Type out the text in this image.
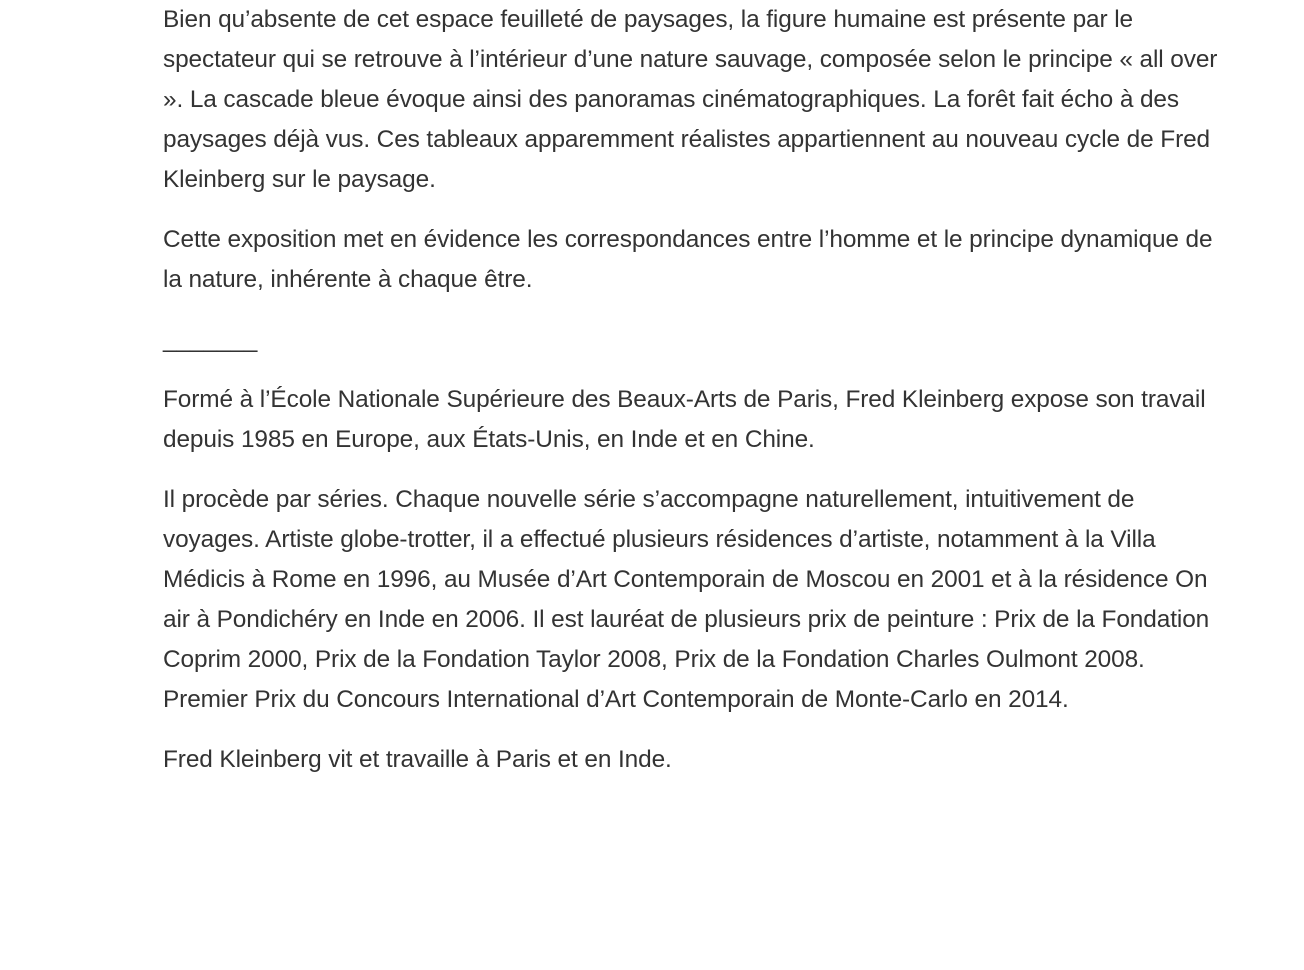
Bien qu’absente de cet espace feuilleté de paysages, la figure humaine est présente par le spectateur qui se retrouve à l’intérieur d’une nature sauvage, composée selon le principe « all over ». La cascade bleue évoque ainsi des panoramas cinématographiques. La forêt fait écho à des paysages déjà vus. Ces tableaux apparemment réalistes appartiennent au nouveau cycle de Fred Kleinberg sur le paysage.

Cette exposition met en évidence les correspondances entre l’homme et le principe dynamique de la nature, inhérente à chaque être.

_______

Formé à l’École Nationale Supérieure des Beaux-Arts de Paris, Fred Kleinberg expose son travail depuis 1985 en Europe, aux États-Unis, en Inde et en Chine.

Il procède par séries. Chaque nouvelle série s’accompagne naturellement, intuitivement de voyages. Artiste globe-trotter, il a effectué plusieurs résidences d’artiste, notamment à la Villa Médicis à Rome en 1996, au Musée d’Art Contemporain de Moscou en 2001 et à la résidence On air à Pondichéry en Inde en 2006. Il est lauréat de plusieurs prix de peinture : Prix de la Fondation Coprim 2000, Prix de la Fondation Taylor 2008, Prix de la Fondation Charles Oulmont 2008. Premier Prix du Concours International d’Art Contemporain de Monte-Carlo en 2014.

Fred Kleinberg vit et travaille à Paris et en Inde.
